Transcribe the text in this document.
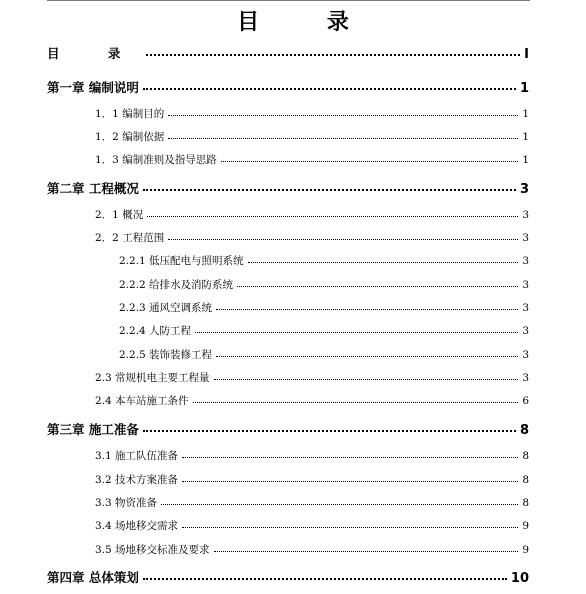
目 录
目 录	I
第一章 编制说明	1
1．1 编制目的	1
1．2 编制依据	1
1．3 编制准则及指导思路	1
第二章 工程概况	3
2．1 概况	3
2．2 工程范围	3
2.2.1 低压配电与照明系统	3
2.2.2 给排水及消防系统	3
2.2.3 通风空调系统	3
2.2.4 人防工程	3
2.2.5 装饰装修工程	3
2.3 常规机电主要工程量	3
2.4 本车站施工条件	6
第三章 施工准备	8
3.1 施工队伍准备	8
3.2 技术方案准备	8
3.3 物资准备	8
3.4 场地移交需求	9
3.5 场地移交标准及要求	9
第四章 总体策划	10
